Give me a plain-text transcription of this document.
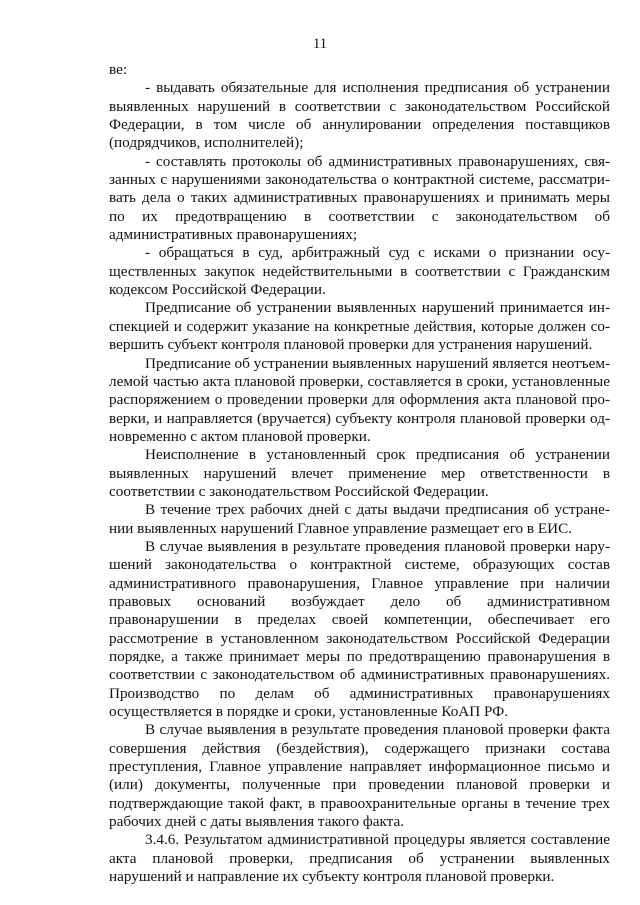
11

ве:

- выдавать обязательные для исполнения предписания об устранении выявленных нарушений в соответствии с законодательством Российской Федерации, в том числе об аннулировании определения поставщиков (подрядчиков, исполнителей);

- составлять протоколы об административных правонарушениях, связанных с нарушениями законодательства о контрактной системе, рассматривать дела о таких административных правонарушениях и принимать меры по их предотвращению в соответствии с законодательством об административных правонарушениях;

- обращаться в суд, арбитражный суд с исками о признании осуществленных закупок недействительными в соответствии с Гражданским кодексом Российской Федерации.

Предписание об устранении выявленных нарушений принимается инспекцией и содержит указание на конкретные действия, которые должен совершить субъект контроля плановой проверки для устранения нарушений.

Предписание об устранении выявленных нарушений является неотъемлемой частью акта плановой проверки, составляется в сроки, установленные распоряжением о проведении проверки для оформления акта плановой проверки, и направляется (вручается) субъекту контроля плановой проверки одновременно с актом плановой проверки.

Неисполнение в установленный срок предписания об устранении выявленных нарушений влечет применение мер ответственности в соответствии с законодательством Российской Федерации.

В течение трех рабочих дней с даты выдачи предписания об устранении выявленных нарушений Главное управление размещает его в ЕИС.

В случае выявления в результате проведения плановой проверки нарушений законодательства о контрактной системе, образующих состав административного правонарушения, Главное управление при наличии правовых оснований возбуждает дело об административном правонарушении в пределах своей компетенции, обеспечивает его рассмотрение в установленном законодательством Российской Федерации порядке, а также принимает меры по предотвращению правонарушения в соответствии с законодательством об административных правонарушениях. Производство по делам об административных правонарушениях осуществляется в порядке и сроки, установленные КоАП РФ.

В случае выявления в результате проведения плановой проверки факта совершения действия (бездействия), содержащего признаки состава преступления, Главное управление направляет информационное письмо и (или) документы, полученные при проведении плановой проверки и подтверждающие такой факт, в правоохранительные органы в течение трех рабочих дней с даты выявления такого факта.

3.4.6. Результатом административной процедуры является составление акта плановой проверки, предписания об устранении выявленных нарушений и направление их субъекту контроля плановой проверки.
